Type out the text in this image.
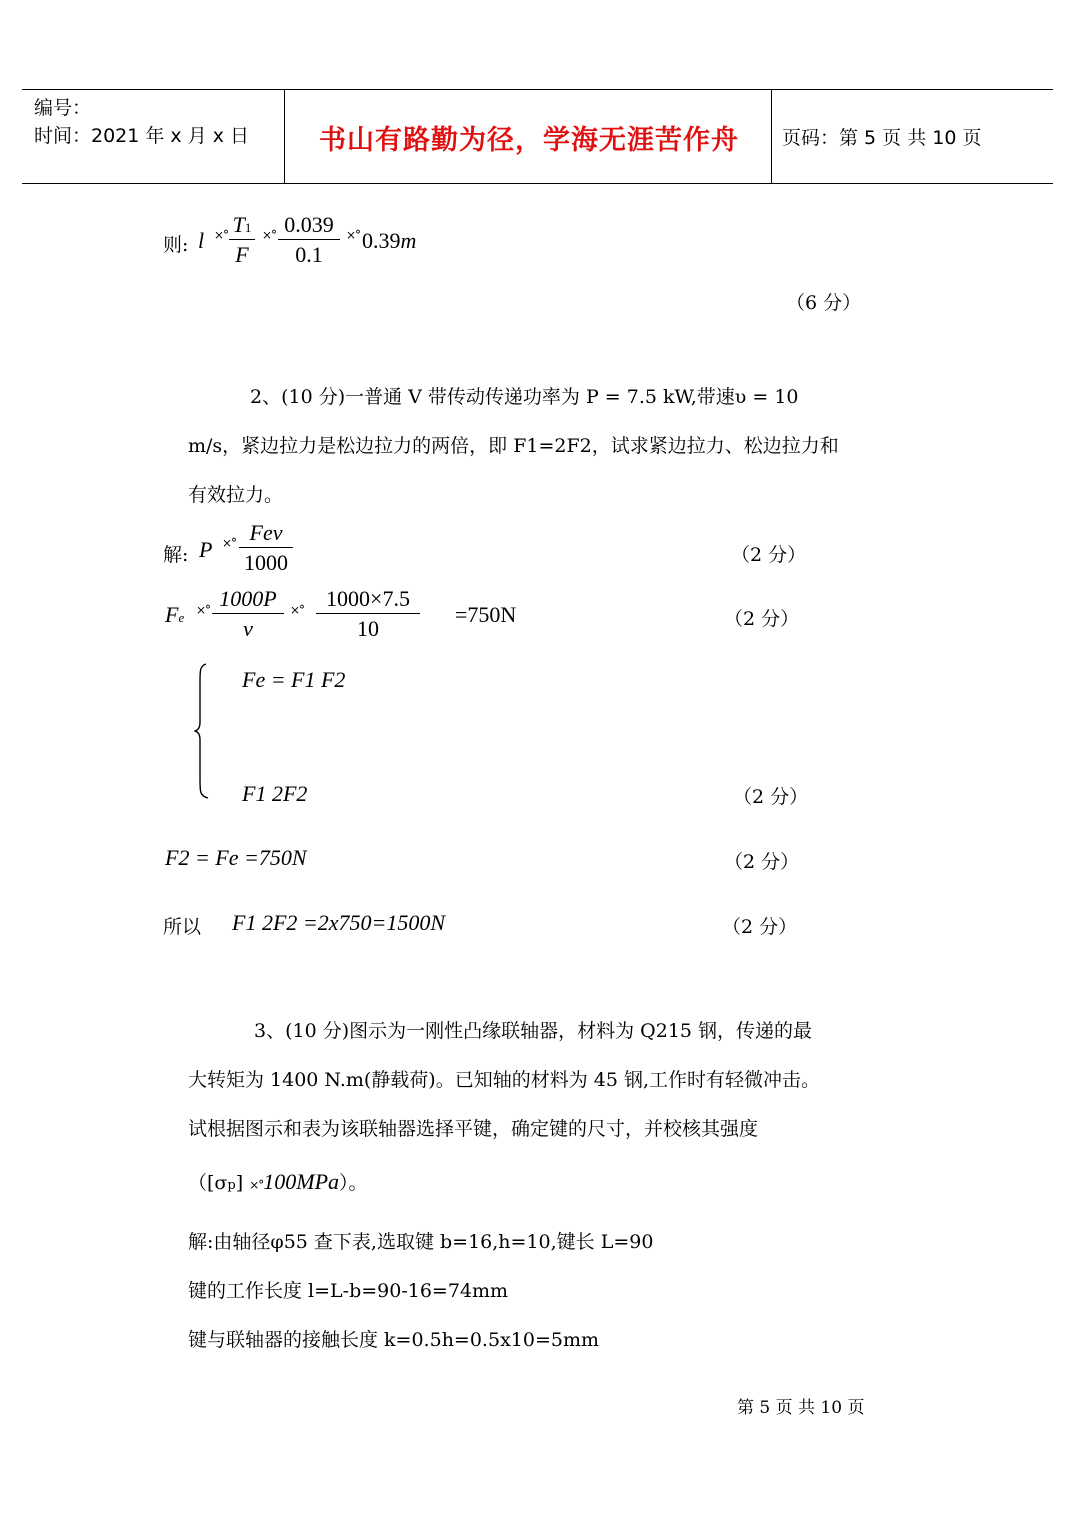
编号：
时间：2021 年 x 月 x 日	书山有路勤为径，学海无涯苦作舟	页码：第 5 页 共 10 页
则: l ×° $\frac{T1}{F}$ ×° $\frac{0.039}{0.1}$ ×° 0.39m
（6 分）
2、(10 分)一普通 V 带传动传递功率为 P = 7.5 kW,带速υ = 10
m/s，紧边拉力是松边拉力的两倍，即 F1=2F2，试求紧边拉力、松边拉力和
有效拉力。
解: P ×° Fev
1000	（2 分）
Fe ×° $\frac{1000P}{v}$ ×° $\frac{1000\times 7.5}{10} =750N$	（2 分）
Fe = F1 F2
F1 2F2	（2 分）
F2 = Fe =750N	（2 分）
所以 F1 2F2 =2x750=1500N	（2 分）
3、(10 分)图示为一刚性凸缘联轴器，材料为 Q215 钢，传递的最
大转矩为 1400 N.m(静载荷)。已知轴的材料为 45 钢,工作时有轻微冲击。
试根据图示和表为该联轴器选择平键，确定键的尺寸，并校核其强度
（[σp] ×°100MPa）。
解:由轴径φ55 查下表,选取键 b=16,h=10,键长 L=90
键的工作长度 l=L-b=90-16=74mm
键与联轴器的接触长度 k=0.5h=0.5x10=5mm
第 5 页 共 10 页
